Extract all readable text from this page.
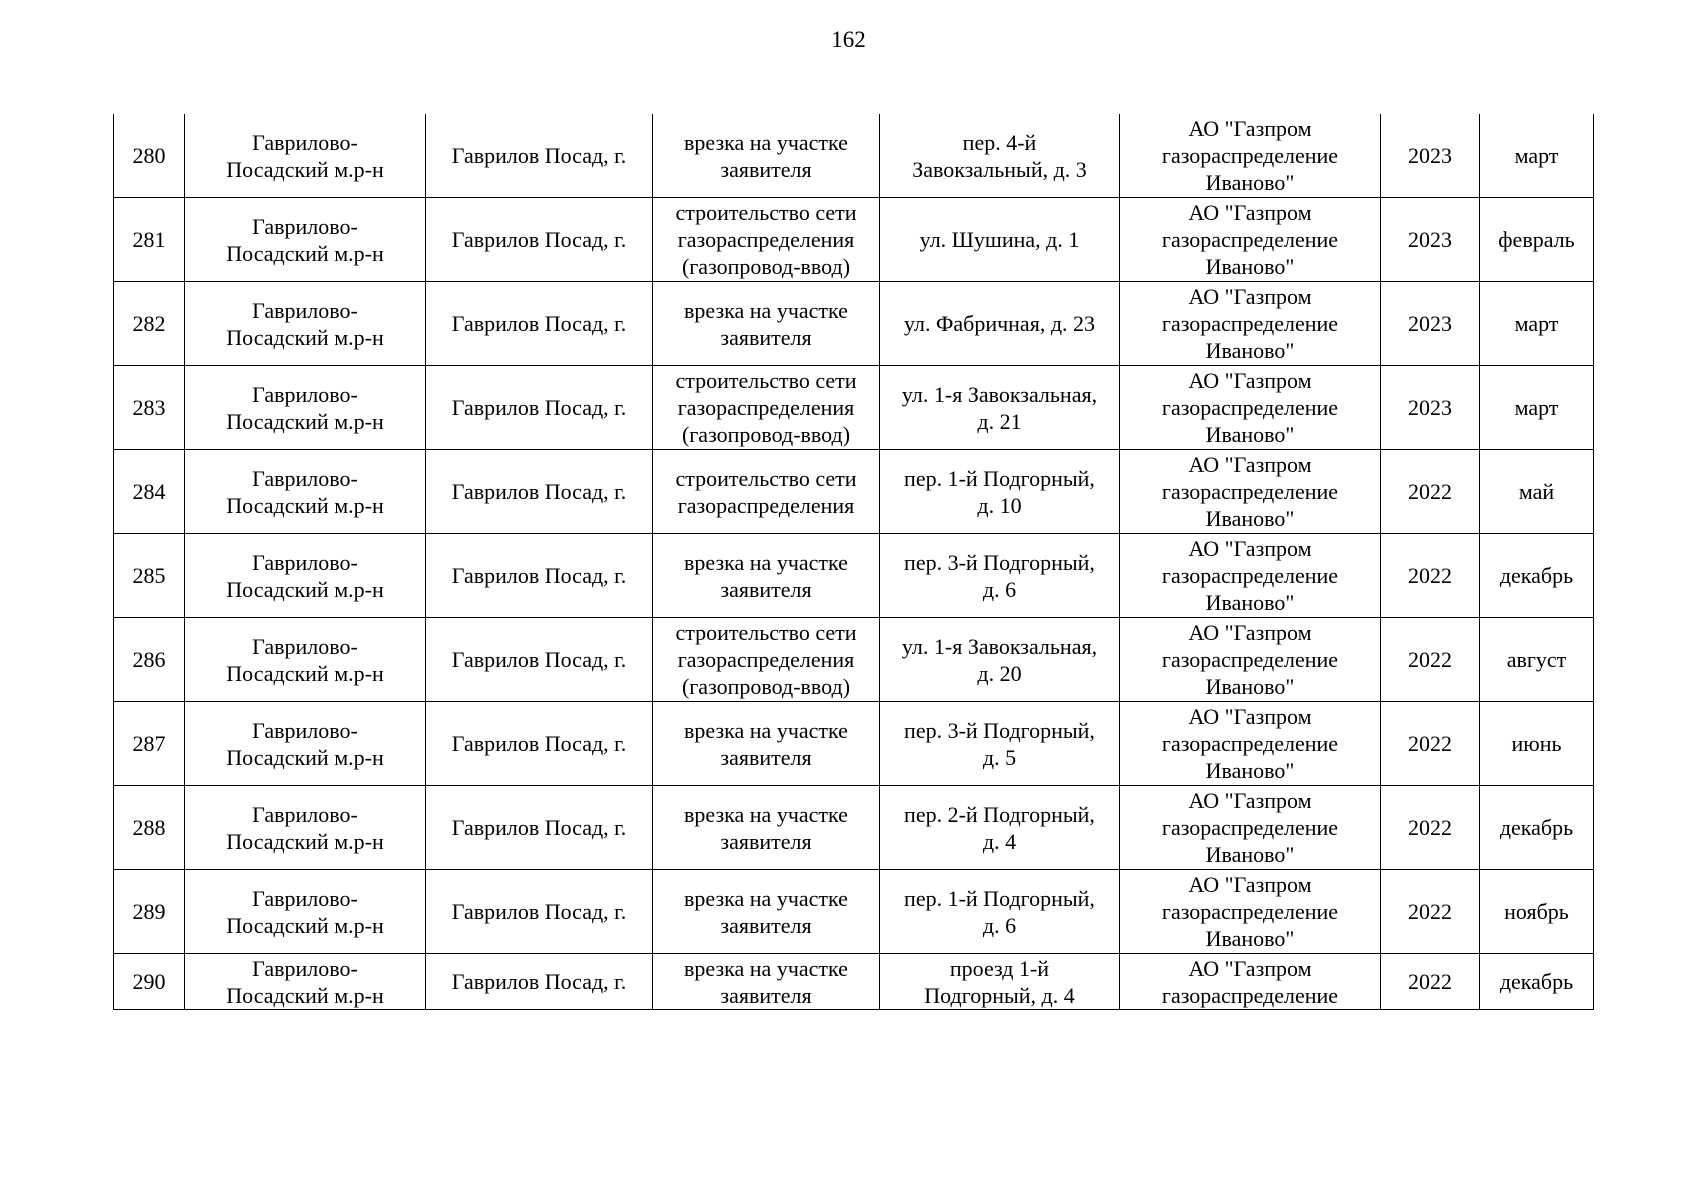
162
280	Гаврилово-
Посадский м.р-н	Гаврилов Посад, г.	врезка на участке
заявителя	пер. 4-й
Завокзальный, д. 3	АО "Газпром
газораспределение
Иваново"	2023	март
281	Гаврилово-
Посадский м.р-н	Гаврилов Посад, г.	строительство сети
газораспределения
(газопровод-ввод)	ул. Шушина, д. 1	АО "Газпром
газораспределение
Иваново"	2023	февраль
282	Гаврилово-
Посадский м.р-н	Гаврилов Посад, г.	врезка на участке
заявителя	ул. Фабричная, д. 23	АО "Газпром
газораспределение
Иваново"	2023	март
283	Гаврилово-
Посадский м.р-н	Гаврилов Посад, г.	строительство сети
газораспределения
(газопровод-ввод)	ул. 1-я Завокзальная,
д. 21	АО "Газпром
газораспределение
Иваново"	2023	март
284	Гаврилово-
Посадский м.р-н	Гаврилов Посад, г.	строительство сети
газораспределения	пер. 1-й Подгорный,
д. 10	АО "Газпром
газораспределение
Иваново"	2022	май
285	Гаврилово-
Посадский м.р-н	Гаврилов Посад, г.	врезка на участке
заявителя	пер. 3-й Подгорный,
д. 6	АО "Газпром
газораспределение
Иваново"	2022	декабрь
286	Гаврилово-
Посадский м.р-н	Гаврилов Посад, г.	строительство сети
газораспределения
(газопровод-ввод)	ул. 1-я Завокзальная,
д. 20	АО "Газпром
газораспределение
Иваново"	2022	август
287	Гаврилово-
Посадский м.р-н	Гаврилов Посад, г.	врезка на участке
заявителя	пер. 3-й Подгорный,
д. 5	АО "Газпром
газораспределение
Иваново"	2022	июнь
288	Гаврилово-
Посадский м.р-н	Гаврилов Посад, г.	врезка на участке
заявителя	пер. 2-й Подгорный,
д. 4	АО "Газпром
газораспределение
Иваново"	2022	декабрь
289	Гаврилово-
Посадский м.р-н	Гаврилов Посад, г.	врезка на участке
заявителя	пер. 1-й Подгорный,
д. 6	АО "Газпром
газораспределение
Иваново"	2022	ноябрь
290	Гаврилово-
Посадский м.р-н	Гаврилов Посад, г.	врезка на участке
заявителя	проезд 1-й
Подгорный, д. 4	АО "Газпром
газораспределение	2022	декабрь
